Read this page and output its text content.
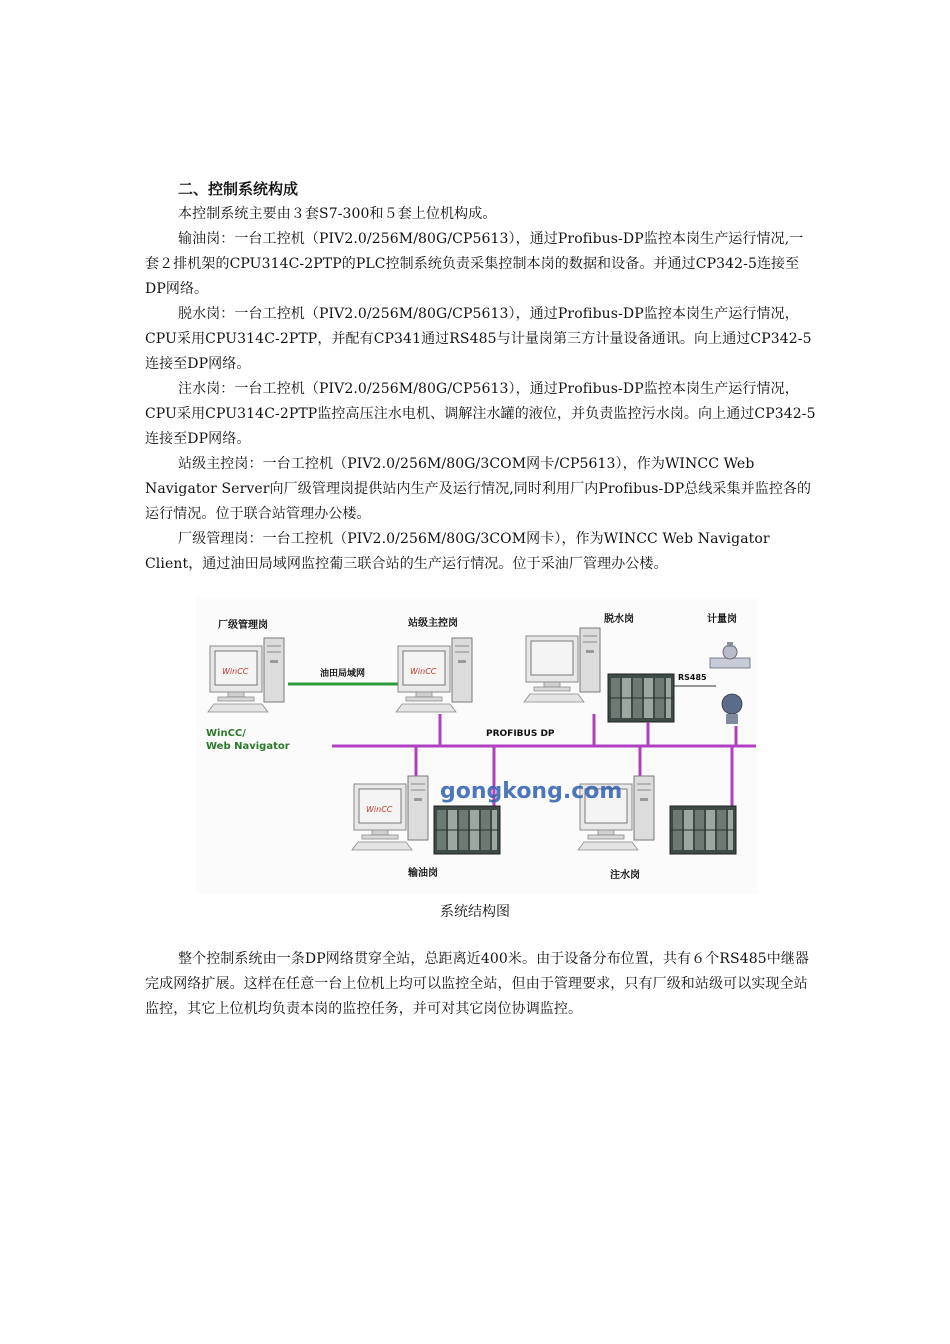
二、控制系统构成
本控制系统主要由３套S7-300和５套上位机构成。
输油岗：一台工控机（PIV2.0/256M/80G/CP5613），通过Profibus-DP监控本岗生产运行情况,一套２排机架的CPU314C-2PTP的PLC控制系统负责采集控制本岗的数据和设备。并通过CP342-5连接至DP网络。
脱水岗：一台工控机（PIV2.0/256M/80G/CP5613），通过Profibus-DP监控本岗生产运行情况，CPU采用CPU314C-2PTP，并配有CP341通过RS485与计量岗第三方计量设备通讯。向上通过CP342-5连接至DP网络。
注水岗：一台工控机（PIV2.0/256M/80G/CP5613），通过Profibus-DP监控本岗生产运行情况，CPU采用CPU314C-2PTP监控高压注水电机、调解注水罐的液位，并负责监控污水岗。向上通过CP342-5连接至DP网络。
站级主控岗：一台工控机（PIV2.0/256M/80G/3COM网卡/CP5613），作为WINCC Web Navigator Server向厂级管理岗提供站内生产及运行情况,同时利用厂内Profibus-DP总线采集并监控各的运行情况。位于联合站管理办公楼。
厂级管理岗：一台工控机（PIV2.0/256M/80G/3COM网卡），作为WINCC Web Navigator Client，通过油田局域网监控葡三联合站的生产运行情况。位于采油厂管理办公楼。
厂级管理岗	站级主控岗	脱水岗	计量岗
WinCC	油田局域网	WinCC
RS485
PROFIBUS DP
WinCC/
Web Navigator
WinCC
gongkong.com
输油岗	注水岗
系统结构图
整个控制系统由一条DP网络贯穿全站，总距离近400米。由于设备分布位置，共有６个RS485中继器完成网络扩展。这样在任意一台上位机上均可以监控全站，但由于管理要求，只有厂级和站级可以实现全站监控，其它上位机均负责本岗的监控任务，并可对其它岗位协调监控。
